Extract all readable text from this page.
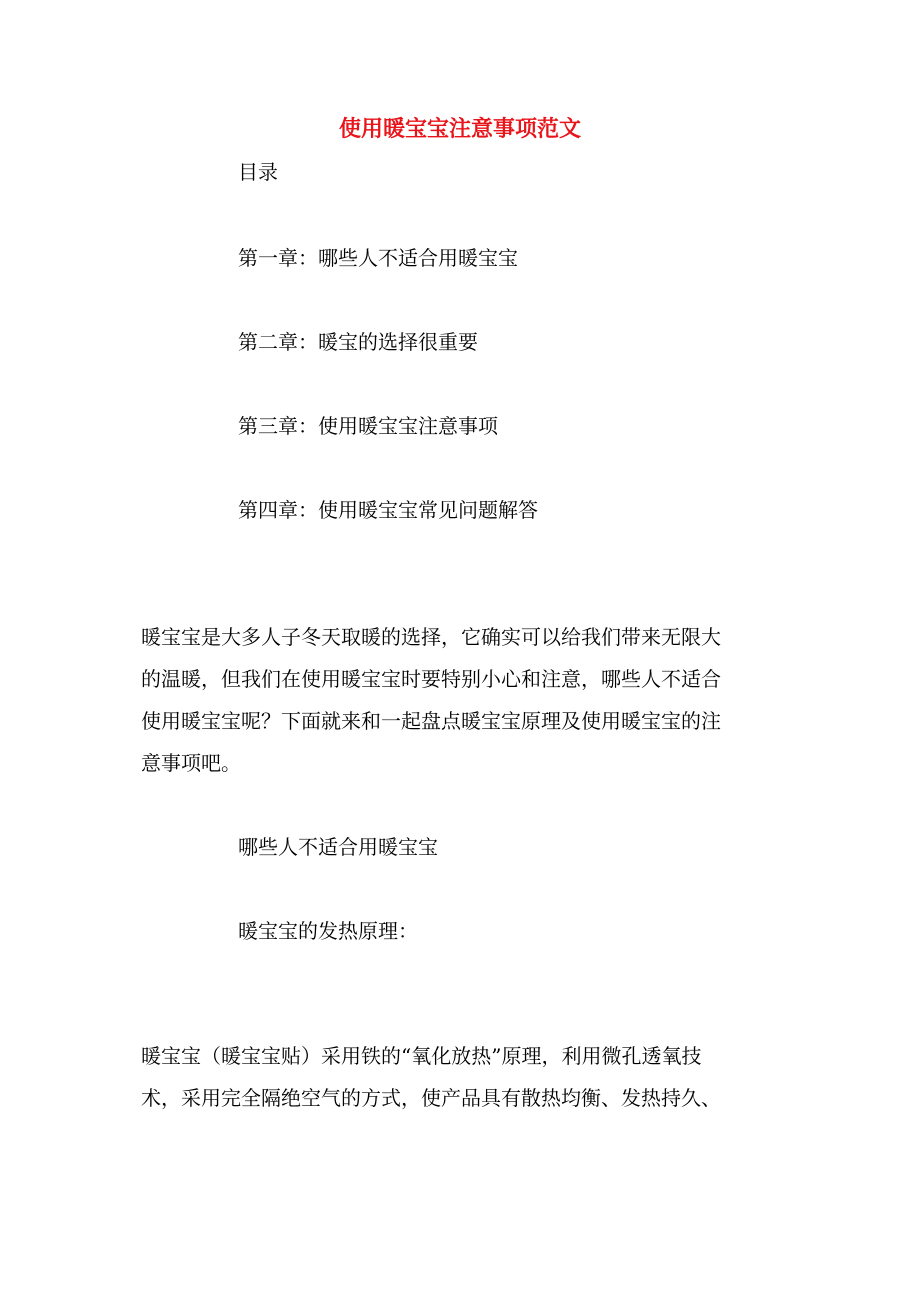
使用暖宝宝注意事项范文
目录
第一章：哪些人不适合用暖宝宝
第二章：暖宝的选择很重要
第三章：使用暖宝宝注意事项
第四章：使用暖宝宝常见问题解答
暖宝宝是大多人子冬天取暖的选择，它确实可以给我们带来无限大
的温暖，但我们在使用暖宝宝时要特别小心和注意，哪些人不适合
使用暖宝宝呢？下面就来和一起盘点暖宝宝原理及使用暖宝宝的注
意事项吧。
哪些人不适合用暖宝宝
暖宝宝的发热原理：
暖宝宝（暖宝宝贴）采用铁的“氧化放热”原理，利用微孔透氧技
术，采用完全隔绝空气的方式，使产品具有散热均衡、发热持久、
